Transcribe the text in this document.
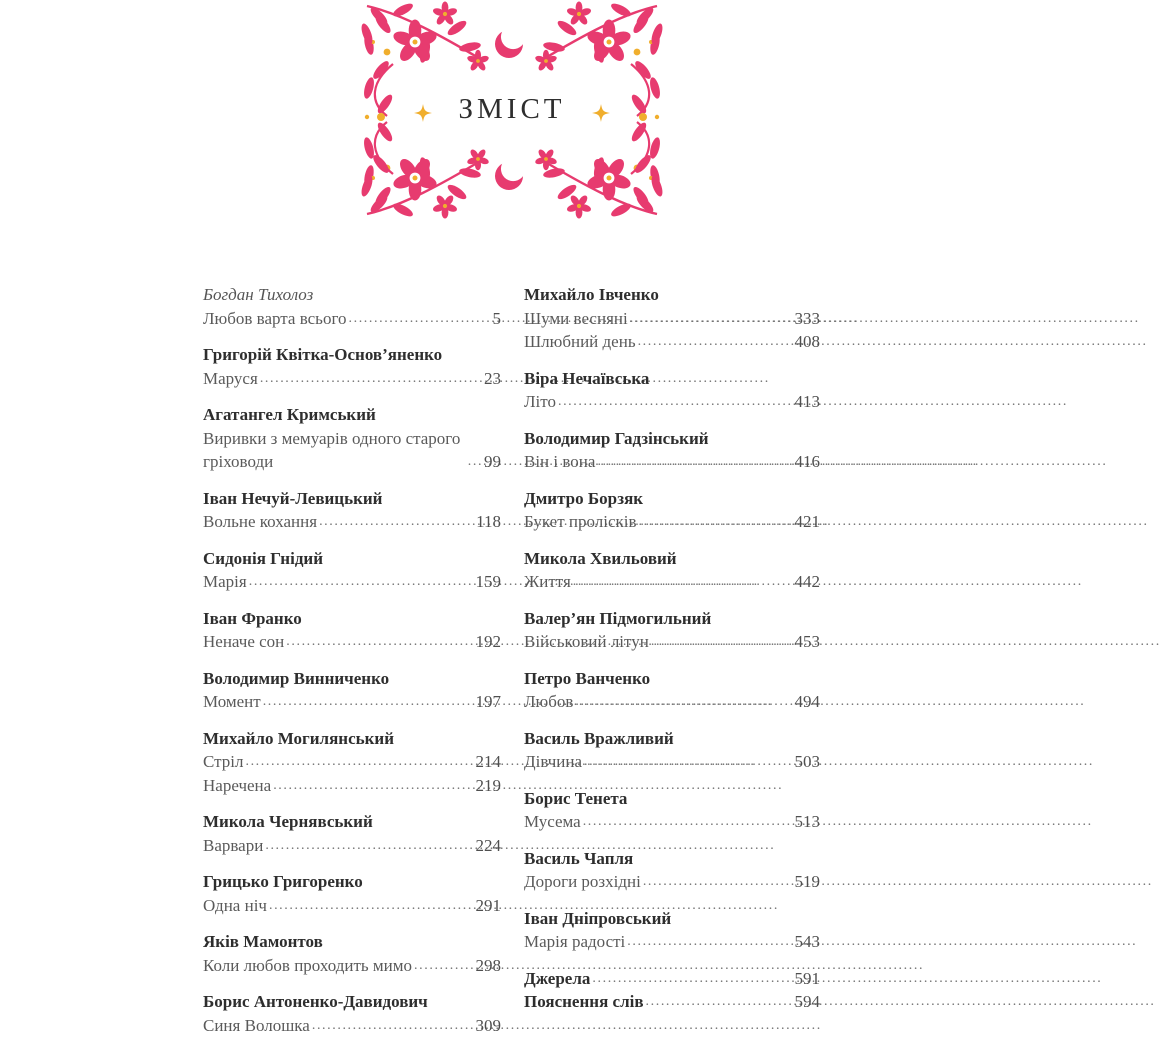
ЗМІСТ
Богдан Тихолоз
Любов варта всього .....	5
Григорій Квітка-Основ’яненко
Маруся .....	23
Агатангел Кримський
Виривки з мемуарів одного старого гріховоди .....	99
Іван Нечуй-Левицький
Вольне кохання .....	118
Сидонія Гнідий
Марія .....	159
Іван Франко
Неначе сон .....	192
Володимир Винниченко
Момент .....	197
Михайло Могилянський
Стріл .....	214
Наречена .....	219
Микола Чернявський
Варвари .....	224
Грицько Григоренко
Одна ніч .....	291
Яків Мамонтов
Коли любов проходить мимо .....	298
Борис Антоненко-Давидович
Синя Волошка .....	309
Михайло Івченко
Шуми весняні .....	333
Шлюбний день .....	408
Віра Нечаївська
Літо .....	413
Володимир Гадзінський
Він і вона .....	416
Дмитро Борзяк
Букет пролісків .....	421
Микола Хвильовий
Життя .....	442
Валер’ян Підмогильний
Військовий літун .....	453
Петро Ванченко
Любов .....	494
Василь Вражливий
Дівчина .....	503
Борис Тенета
Мусема .....	513
Василь Чапля
Дороги розхідні .....	519
Іван Дніпровський
Марія радості .....	543
Джерела .....	591
Пояснення слів .....	594
